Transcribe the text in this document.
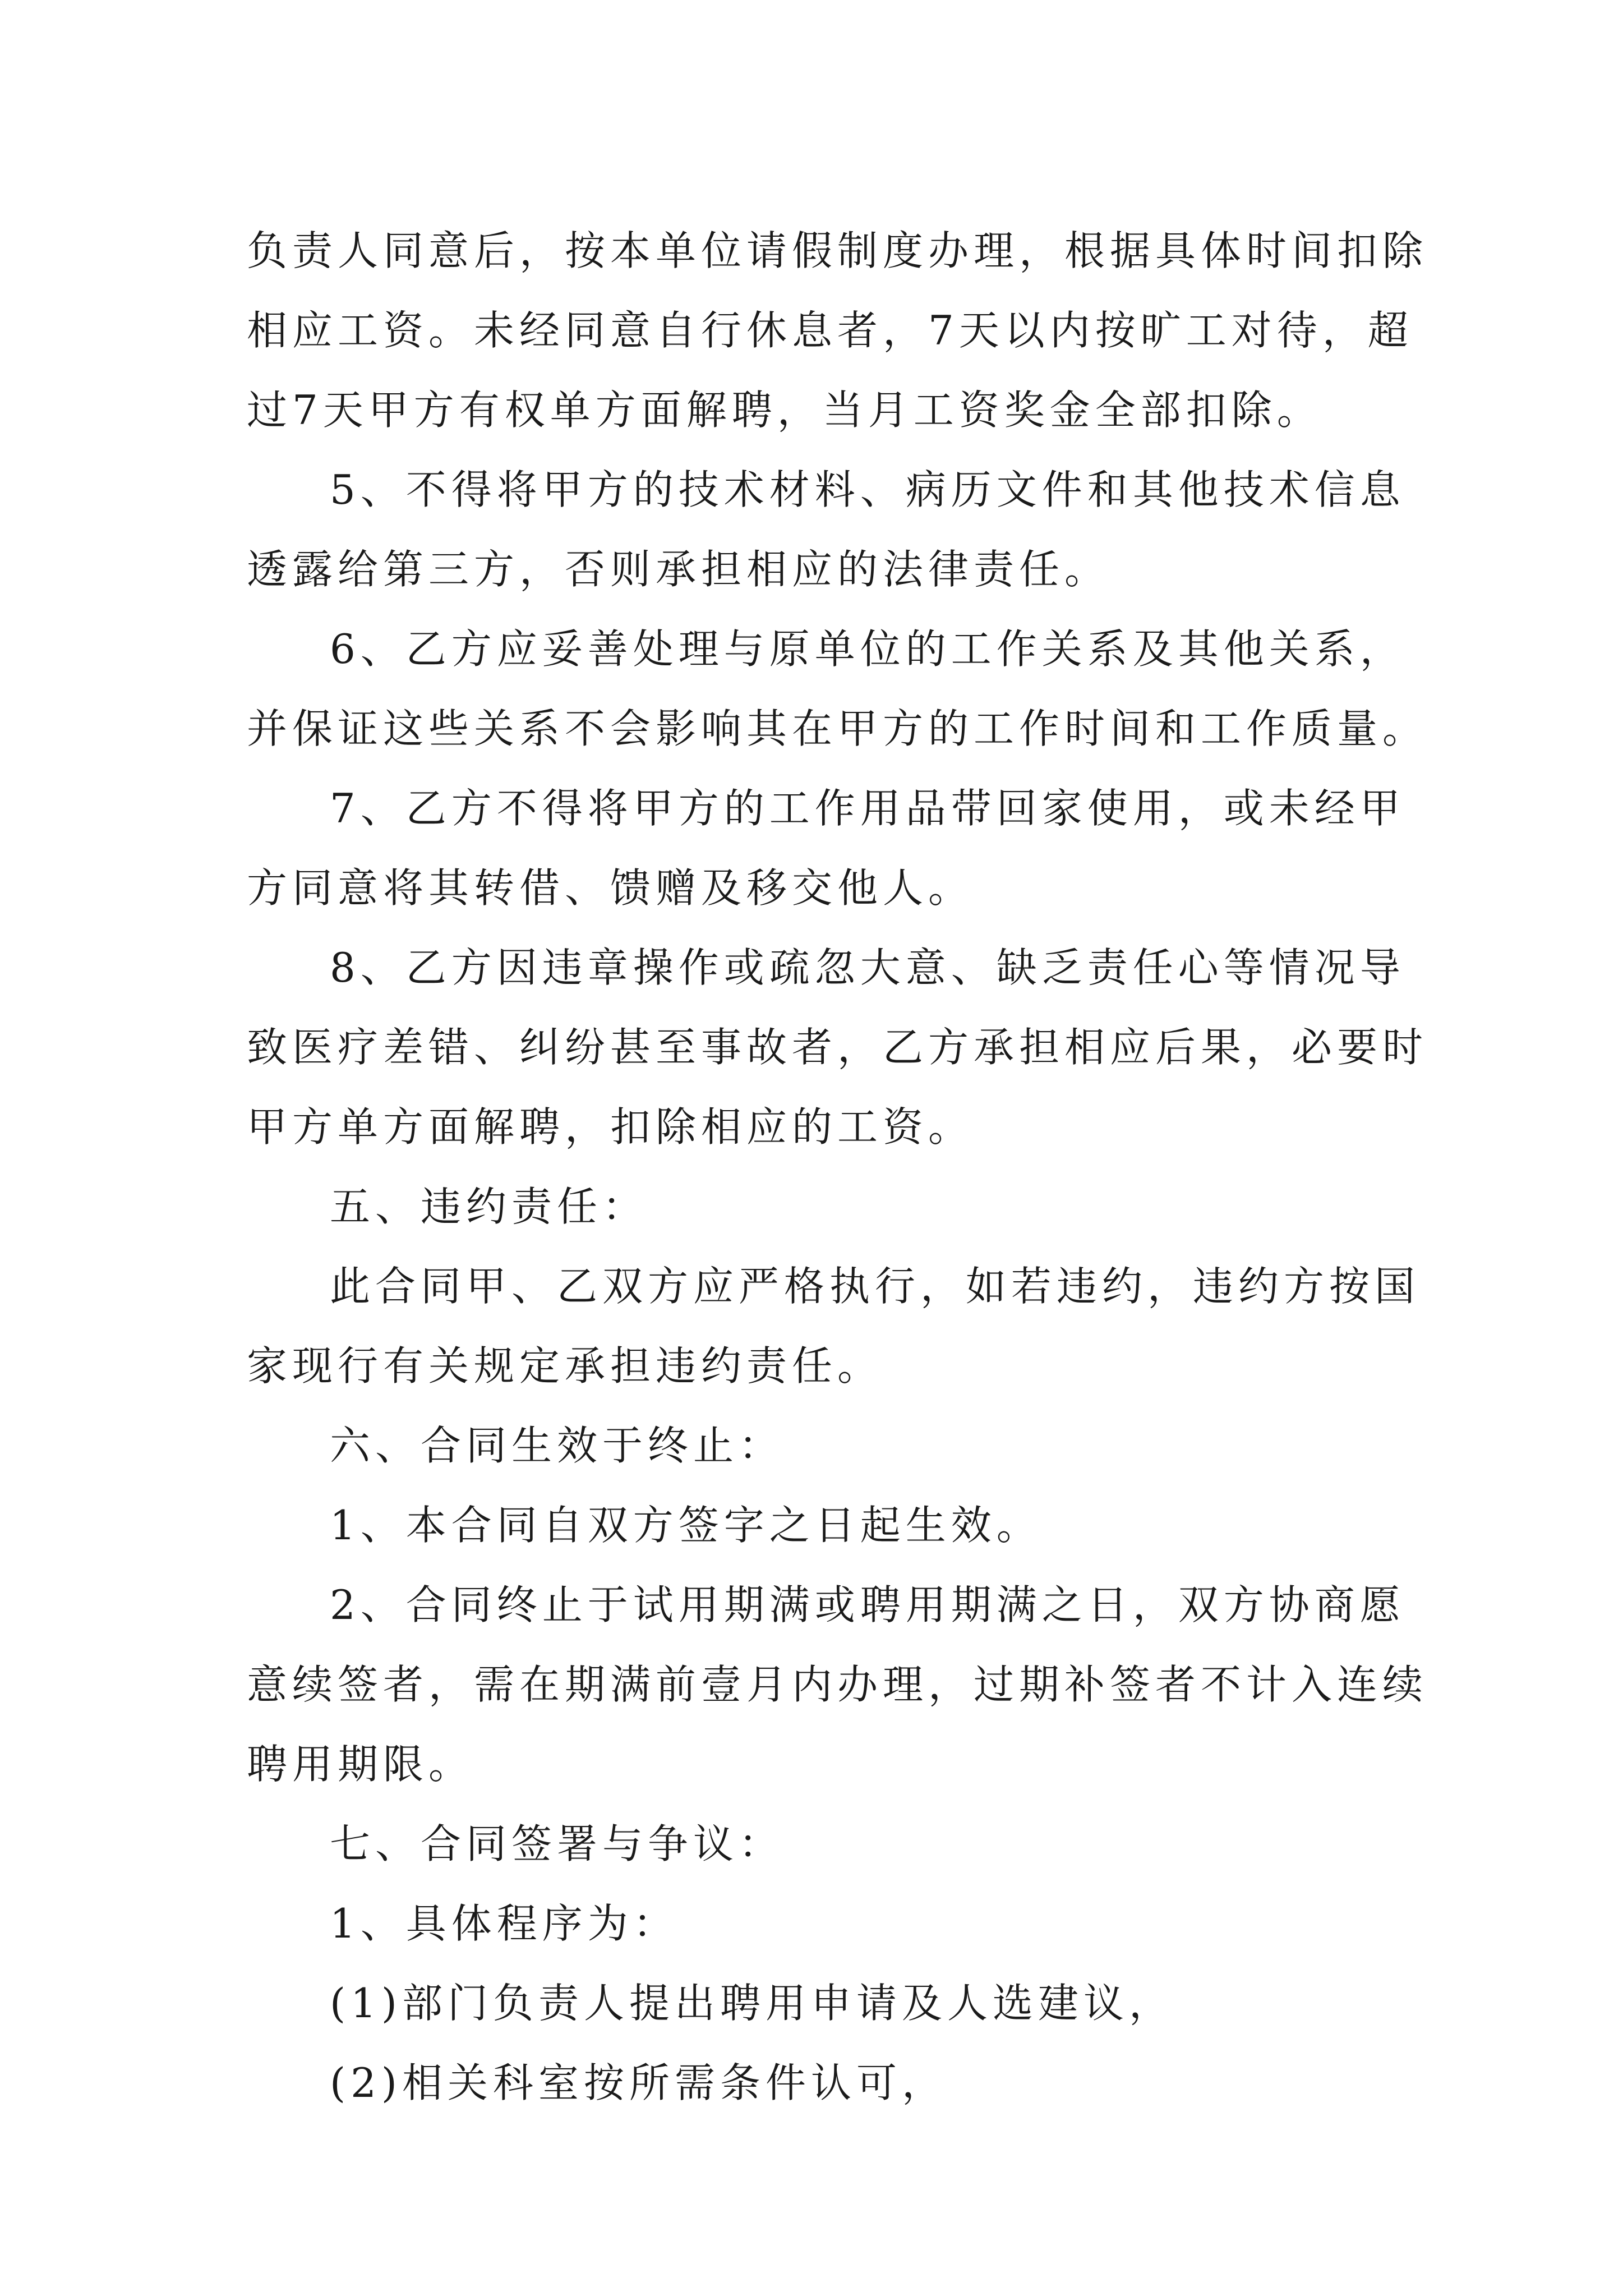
负责人同意后，按本单位请假制度办理，根据具体时间扣除
相应工资。未经同意自行休息者，7天以内按旷工对待，超
过7天甲方有权单方面解聘，当月工资奖金全部扣除。

5、不得将甲方的技术材料、病历文件和其他技术信息
透露给第三方，否则承担相应的法律责任。

6、乙方应妥善处理与原单位的工作关系及其他关系，
并保证这些关系不会影响其在甲方的工作时间和工作质量。

7、乙方不得将甲方的工作用品带回家使用，或未经甲
方同意将其转借、馈赠及移交他人。

8、乙方因违章操作或疏忽大意、缺乏责任心等情况导
致医疗差错、纠纷甚至事故者，乙方承担相应后果，必要时
甲方单方面解聘，扣除相应的工资。

五、违约责任：

此合同甲、乙双方应严格执行，如若违约，违约方按国
家现行有关规定承担违约责任。

六、合同生效于终止：

1、本合同自双方签字之日起生效。

2、合同终止于试用期满或聘用期满之日，双方协商愿
意续签者，需在期满前壹月内办理，过期补签者不计入连续
聘用期限。

七、合同签署与争议：

1、具体程序为：

(1)部门负责人提出聘用申请及人选建议，

(2)相关科室按所需条件认可，
